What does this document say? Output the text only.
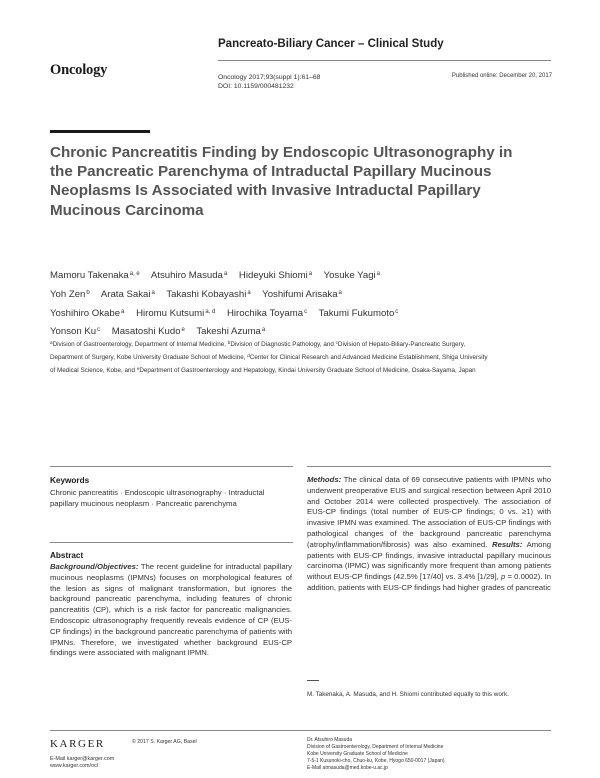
Pancreato-Biliary Cancer – Clinical Study
Oncology	Oncology 2017;93(suppl 1):61–68
DOI: 10.1159/000481232
Published online: December 20, 2017
Chronic Pancreatitis Finding by Endoscopic Ultrasonography in the Pancreatic Parenchyma of Intraductal Papillary Mucinous Neoplasms Is Associated with Invasive Intraductal Papillary Mucinous Carcinoma
Mamoru Takenaka$^{a, e}$ Atsuhiro Masuda$^a$ Hideyuki Shiomi$^a$ Yosuke Yagi$^a$
Yoh Zen$^b$ Arata Sakai$^a$ Takashi Kobayashi$^a$ Yoshifumi Arisaka$^a$
Yoshihiro Okabe$^a$ Hiromu Kutsumi$^{a, d}$ Hirochika Toyama$^c$ Takumi Fukumoto$^c$
Yonson Ku$^c$ Masatoshi Kudo$^e$ Takeshi Azuma$^a$
$^a$Division of Gastroenterology, Department of Internal Medicine, $^b$Division of Diagnostic Pathology, and $^c$Division of Hepato-Biliary-Pancreatic Surgery, Department of Surgery, Kobe University Graduate School of Medicine, $^d$Center for Clinical Research and Advanced Medicine Establishment, Shiga University of Medical Science, Kobe, and $^e$Department of Gastroenterology and Hepatology, Kindai University Graduate School of Medicine, Osaka-Sayama, Japan
Keywords
Chronic pancreatitis · Endoscopic ultrasonography · Intraductal papillary mucinous neoplasm · Pancreatic parenchyma
Abstract
Background/Objectives: The recent guideline for intraductal papillary mucinous neoplasms (IPMNs) focuses on morphological features of the lesion as signs of malignant transformation, but ignores the background pancreatic parenchyma, including features of chronic pancreatitis (CP), which is a risk factor for pancreatic malignancies. Endoscopic ultrasonography frequently reveals evidence of CP (EUS-CP findings) in the background pancreatic parenchyma of patients with IPMNs. Therefore, we investigated whether background EUS-CP findings were associated with malignant IPMN.
Methods: The clinical data of 69 consecutive patients with IPMNs who underwent preoperative EUS and surgical resection between April 2010 and October 2014 were collected prospectively. The association of EUS-CP findings (total number of EUS-CP findings; 0 vs. ≥1) with invasive IPMN was examined. The association of EUS-CP findings with pathological changes of the background pancreatic parenchyma (atrophy/inflammation/fibrosis) was also examined. Results: Among patients with EUS-CP findings, invasive intraductal papillary mucinous carcinoma (IPMC) was significantly more frequent than among patients without EUS-CP findings (42.5% [17/40] vs. 3.4% [1/29], p = 0.0002). In addition, patients with EUS-CP findings had higher grades of pancreatic
M. Takenaka, A. Masuda, and H. Shiomi contributed equally to this work.
KARGER	© 2017 S. Karger AG, Basel
E-Mail karger@karger.com
www.karger.com/ocl
Dr. Atsuhiro Masuda
Division of Gastroenterology, Department of Internal Medicine
Kobe University Graduate School of Medicine
7-5-1 Kusunoki-cho, Chuo-ku, Kobe, Hyogo 650-0017 (Japan)
E-Mail atmasuda@med.kobe-u.ac.jp
